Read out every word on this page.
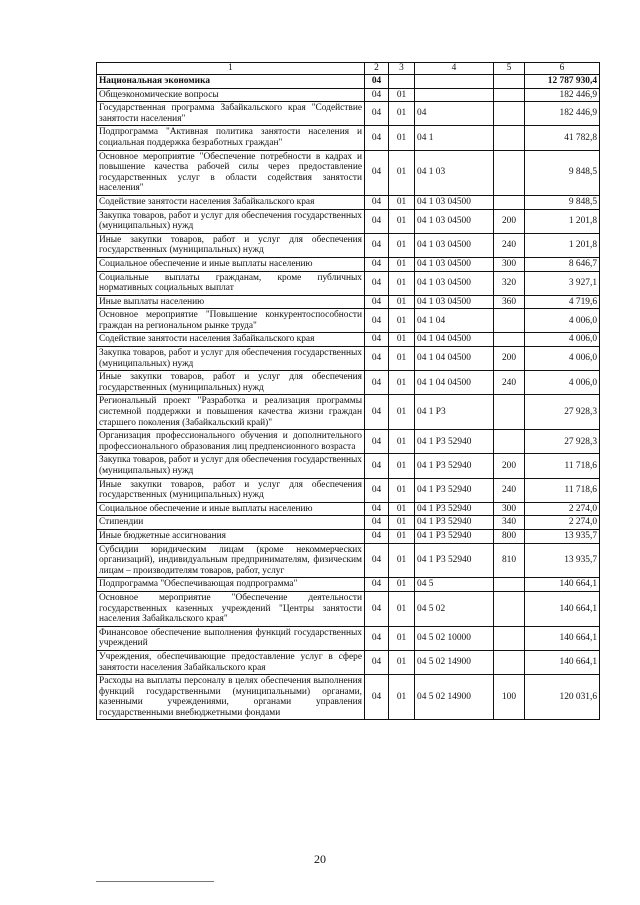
1	2	3	4	5	6
Национальная экономика	04				12 787 930,4
Общеэкономические вопросы	04	01			182 446,9
Государственная программа Забайкальского края "Содействие занятости населения"	04	01	04		182 446,9
Подпрограмма "Активная политика занятости населения и социальная поддержка безработных граждан"	04	01	04 1		41 782,8
Основное мероприятие "Обеспечение потребности в кадрах и повышение качества рабочей силы через предоставление государственных услуг в области содействия занятости населения"	04	01	04 1 03		9 848,5
Содействие занятости населения Забайкальского края	04	01	04 1 03 04500		9 848,5
Закупка товаров, работ и услуг для обеспечения государственных (муниципальных) нужд	04	01	04 1 03 04500	200	1 201,8
Иные закупки товаров, работ и услуг для обеспечения государственных (муниципальных) нужд	04	01	04 1 03 04500	240	1 201,8
Социальное обеспечение и иные выплаты населению	04	01	04 1 03 04500	300	8 646,7
Социальные выплаты гражданам, кроме публичных нормативных социальных выплат	04	01	04 1 03 04500	320	3 927,1
Иные выплаты населению	04	01	04 1 03 04500	360	4 719,6
Основное мероприятие "Повышение конкурентоспособности граждан на региональном рынке труда"	04	01	04 1 04		4 006,0
Содействие занятости населения Забайкальского края	04	01	04 1 04 04500		4 006,0
Закупка товаров, работ и услуг для обеспечения государственных (муниципальных) нужд	04	01	04 1 04 04500	200	4 006,0
Иные закупки товаров, работ и услуг для обеспечения государственных (муниципальных) нужд	04	01	04 1 04 04500	240	4 006,0
Региональный проект "Разработка и реализация программы системной поддержки и повышения качества жизни граждан старшего поколения (Забайкальский край)"	04	01	04 1 P3		27 928,3
Организация профессионального обучения и дополнительного профессионального образования лиц предпенсионного возраста	04	01	04 1 P3 52940		27 928,3
Закупка товаров, работ и услуг для обеспечения государственных (муниципальных) нужд	04	01	04 1 P3 52940	200	11 718,6
Иные закупки товаров, работ и услуг для обеспечения государственных (муниципальных) нужд	04	01	04 1 P3 52940	240	11 718,6
Социальное обеспечение и иные выплаты населению	04	01	04 1 P3 52940	300	2 274,0
Стипендии	04	01	04 1 P3 52940	340	2 274,0
Иные бюджетные ассигнования	04	01	04 1 P3 52940	800	13 935,7
Субсидии юридическим лицам (кроме некоммерческих организаций), индивидуальным предпринимателям, физическим лицам – производителям товаров, работ, услуг	04	01	04 1 P3 52940	810	13 935,7
Подпрограмма "Обеспечивающая подпрограмма"	04	01	04 5		140 664,1
Основное мероприятие "Обеспечение деятельности государственных казенных учреждений "Центры занятости населения Забайкальского края"	04	01	04 5 02		140 664,1
Финансовое обеспечение выполнения функций государственных учреждений	04	01	04 5 02 10000		140 664,1
Учреждения, обеспечивающие предоставление услуг в сфере занятости населения Забайкальского края	04	01	04 5 02 14900		140 664,1
Расходы на выплаты персоналу в целях обеспечения выполнения функций государственными (муниципальными) органами, казенными учреждениями, органами управления государственными внебюджетными фондами	04	01	04 5 02 14900	100	120 031,6
20
